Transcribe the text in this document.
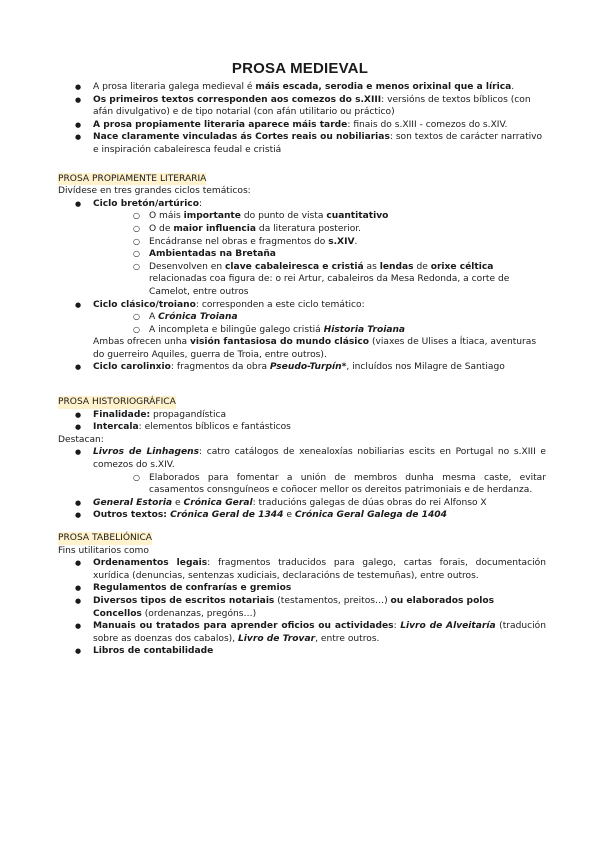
PROSA MEDIEVAL
● A prosa literaria galega medieval é máis escada, serodia e menos orixinal que a lírica.
● Os primeiros textos corresponden aos comezos do s.XIII: versións de textos bíblicos (con afán divulgativo) e de tipo notarial (con afán utilitario ou práctico)
● A prosa propiamente literaria aparece máis tarde: finais do s.XIII - comezos do s.XIV.
● Nace claramente vinculadas ás Cortes reais ou nobiliarias: son textos de carácter narrativo e inspiración cabaleiresca feudal e cristiá
PROSA PROPIAMENTE LITERARIA
Divídese en tres grandes ciclos temáticos:
● Ciclo bretón/artúrico:
○ O máis importante do punto de vista cuantitativo
○ O de maior influencia da literatura posterior.
○ Encádranse nel obras e fragmentos do s.XIV.
○ Ambientadas na Bretaña
○ Desenvolven en clave cabaleiresca e cristiá as lendas de orixe céltica relacionadas coa figura de: o rei Artur, cabaleiros da Mesa Redonda, a corte de Camelot, entre outros
● Ciclo clásico/troiano: corresponden a este ciclo temático:
○ A Crónica Troiana
○ A incompleta e bilingüe galego cristiá Historia Troiana
Ambas ofrecen unha visión fantasiosa do mundo clásico (viaxes de Ulises a Ítiaca, aventuras do guerreiro Aquiles, guerra de Troia, entre outros).
● Ciclo carolinxio: fragmentos da obra Pseudo-Turpín*, incluídos nos Milagre de Santiago
PROSA HISTORIOGRÁFICA
● Finalidade: propagandística
● Intercala: elementos bíblicos e fantásticos
Destacan:
● Livros de Linhagens: catro catálogos de xenealoxías nobiliarias escits en Portugal no s.XIII e comezos do s.XIV.
○ Elaborados para fomentar a unión de membros dunha mesma caste, evitar casamentos consnguíneos e coñocer mellor os dereitos patrimoniais e de herdanza.
● General Estoria e Crónica Geral: traducións galegas de dúas obras do rei Alfonso X
● Outros textos: Crónica Geral de 1344 e Crónica Geral Galega de 1404
PROSA TABELIÓNICA
Fins utilitarios como
● Ordenamentos legais: fragmentos traducidos para galego, cartas forais, documentación xurídica (denuncias, sentenzas xudiciais, declaracións de testemuñas), entre outros.
● Regulamentos de confrarías e gremios
● Diversos tipos de escritos notariais (testamentos, preitos…) ou elaborados polos Concellos (ordenanzas, pregóns…)
● Manuais ou tratados para aprender oficios ou actividades: Livro de Alveitaría (tradución sobre as doenzas dos cabalos), Livro de Trovar, entre outros.
● Libros de contabilidade
